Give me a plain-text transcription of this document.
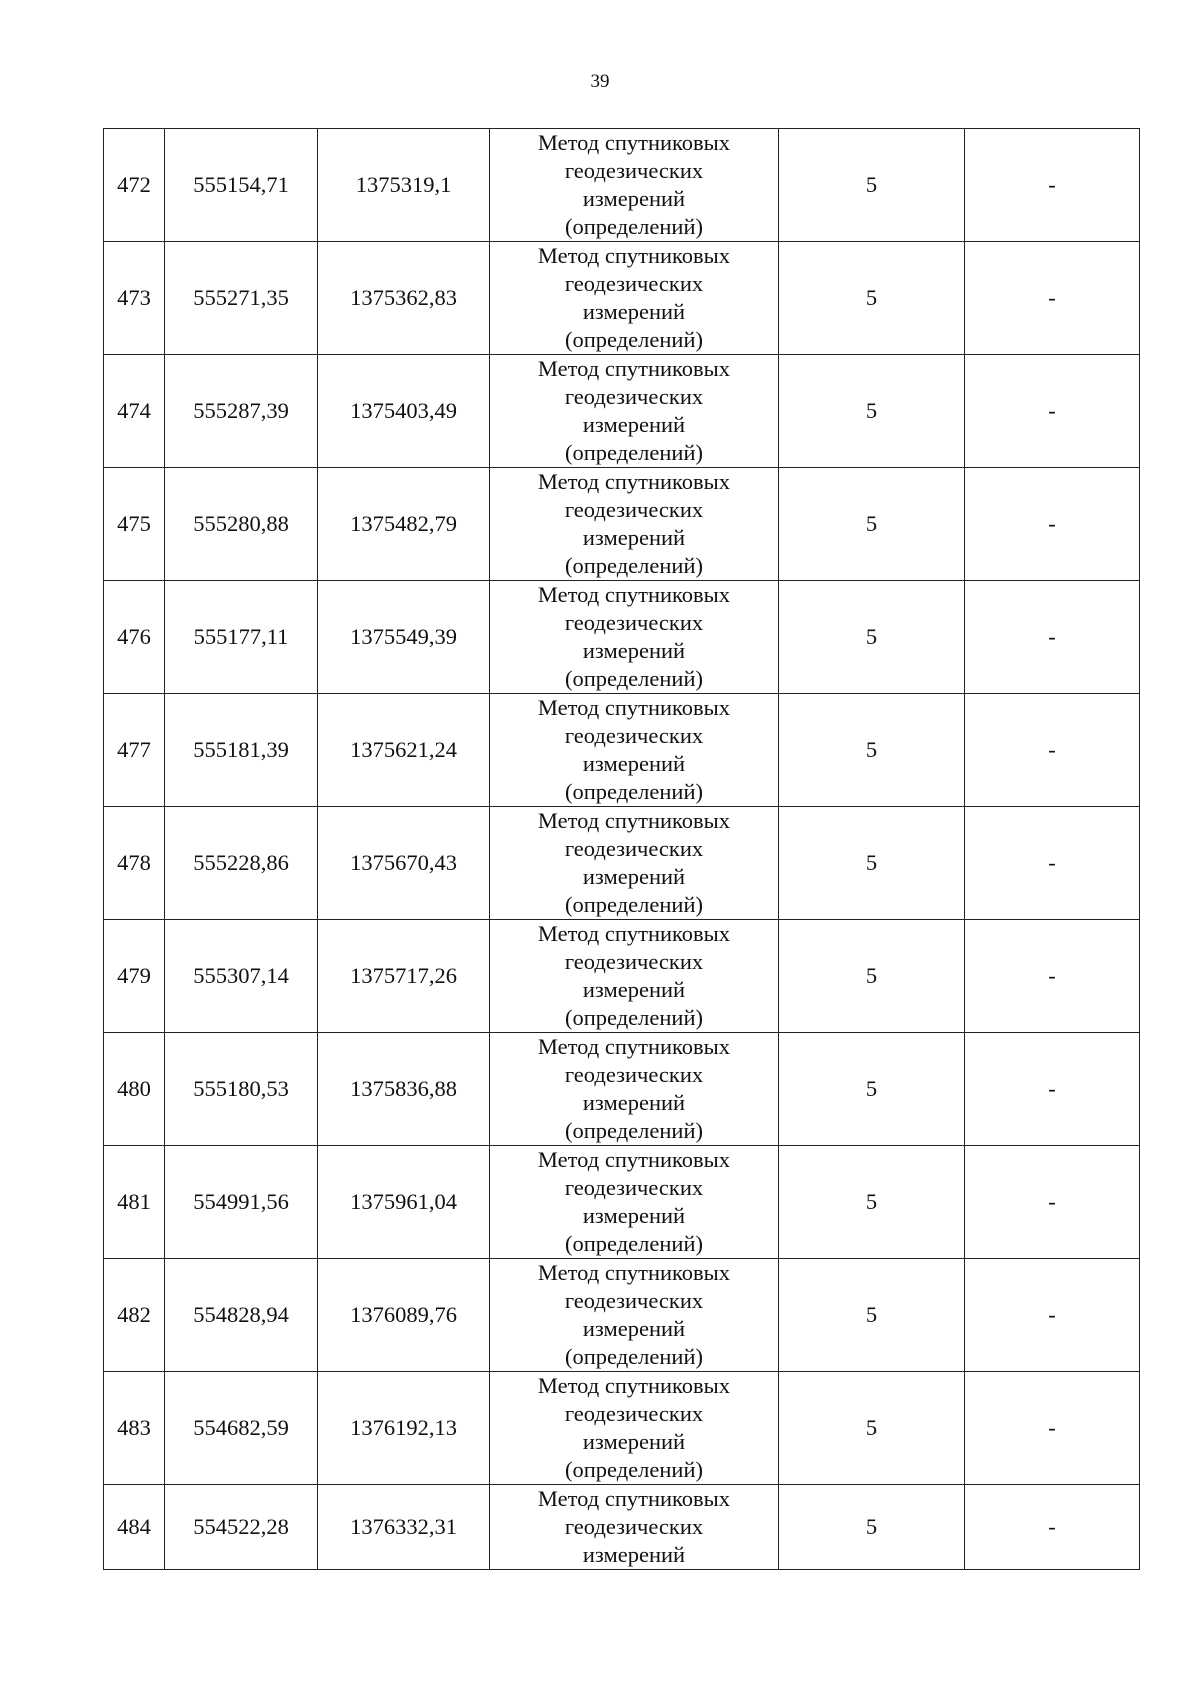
39
472	555154,71	1375319,1	Метод спутниковых
геодезических
измерений
(определений)	5	-
473	555271,35	1375362,83	Метод спутниковых
геодезических
измерений
(определений)	5	-
474	555287,39	1375403,49	Метод спутниковых
геодезических
измерений
(определений)	5	-
475	555280,88	1375482,79	Метод спутниковых
геодезических
измерений
(определений)	5	-
476	555177,11	1375549,39	Метод спутниковых
геодезических
измерений
(определений)	5	-
477	555181,39	1375621,24	Метод спутниковых
геодезических
измерений
(определений)	5	-
478	555228,86	1375670,43	Метод спутниковых
геодезических
измерений
(определений)	5	-
479	555307,14	1375717,26	Метод спутниковых
геодезических
измерений
(определений)	5	-
480	555180,53	1375836,88	Метод спутниковых
геодезических
измерений
(определений)	5	-
481	554991,56	1375961,04	Метод спутниковых
геодезических
измерений
(определений)	5	-
482	554828,94	1376089,76	Метод спутниковых
геодезических
измерений
(определений)	5	-
483	554682,59	1376192,13	Метод спутниковых
геодезических
измерений
(определений)	5	-
484	554522,28	1376332,31	Метод спутниковых
геодезических
измерений	5	-
